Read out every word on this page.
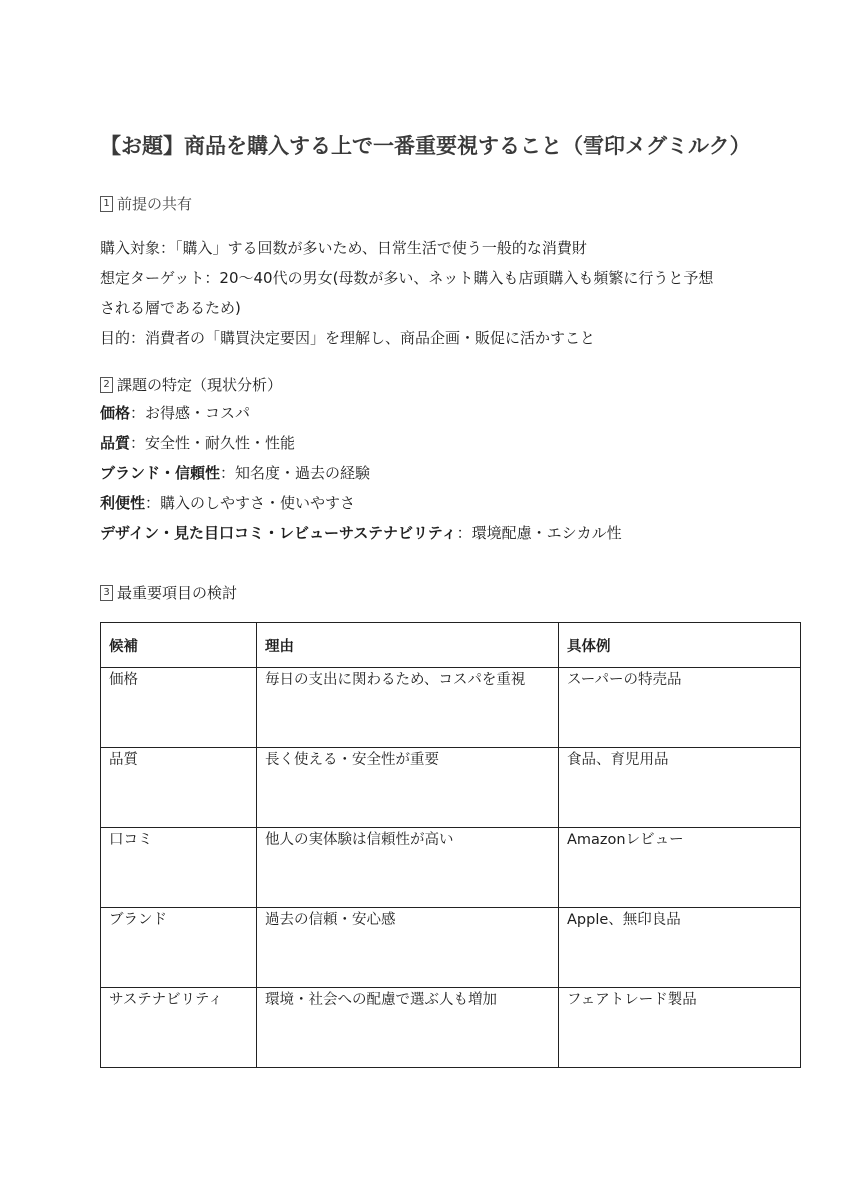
【お題】商品を購入する上で一番重要視すること（雪印メグミルク）
1 前提の共有
購入対象：「購入」する回数が多いため、日常生活で使う一般的な消費財
想定ターゲット：20〜40代の男女(母数が多い、ネット購入も店頭購入も頻繁に行うと予想
される層であるため)
目的：消費者の「購買決定要因」を理解し、商品企画・販促に活かすこと
2 課題の特定（現状分析）
価格：お得感・コスパ
品質：安全性・耐久性・性能
ブランド・信頼性：知名度・過去の経験
利便性：購入のしやすさ・使いやすさ
デザイン・見た目口コミ・レビューサステナビリティ：環境配慮・エシカル性
3 最重要項目の検討
候補	理由	具体例
価格	毎日の支出に関わるため、コスパを重視	スーパーの特売品
品質	長く使える・安全性が重要	食品、育児用品
口コミ	他人の実体験は信頼性が高い	Amazonレビュー
ブランド	過去の信頼・安心感	Apple、無印良品
サステナビリティ	環境・社会への配慮で選ぶ人も増加	フェアトレード製品
